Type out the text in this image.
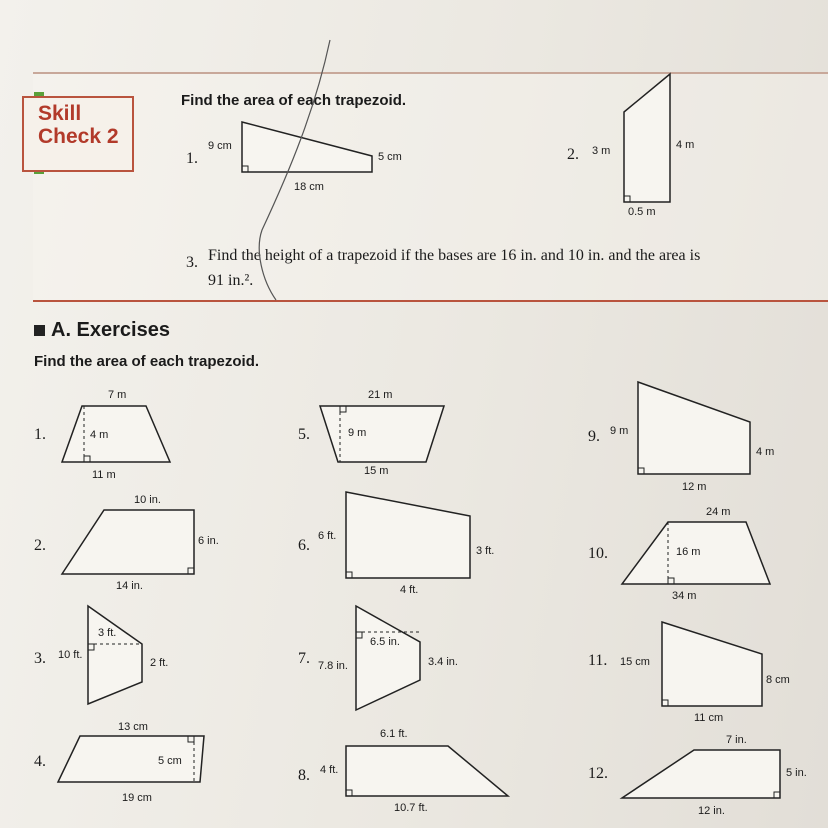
Skill
Check 2
Find the area of each trapezoid.
1.
9 cm
5 cm
18 cm
2. 3 m	4 m
0.5 m
3. Find the height of a trapezoid if the bases are 16 in. and 10 in. and the area is
91 in.².
A. Exercises
Find the area of each trapezoid.
1.
7 m
4 m
11 m
2.
10 in.
6 in.
14 in.
3.
3 ft.
10 ft.
2 ft.
4.
13 cm
5 cm
19 cm
5.
21 m
9 m
15 m
6.
6 ft.
3 ft.
4 ft.
7.
6.5 in.
7.8 in.	3.4 in.
8.
6.1 ft.
4 ft.
10.7 ft.
9. 9 m
4 m
12 m
10.
24 m
16 m
34 m
11. 15 cm
8 cm
11 cm
12.
7 in.
5 in.
12 in.
